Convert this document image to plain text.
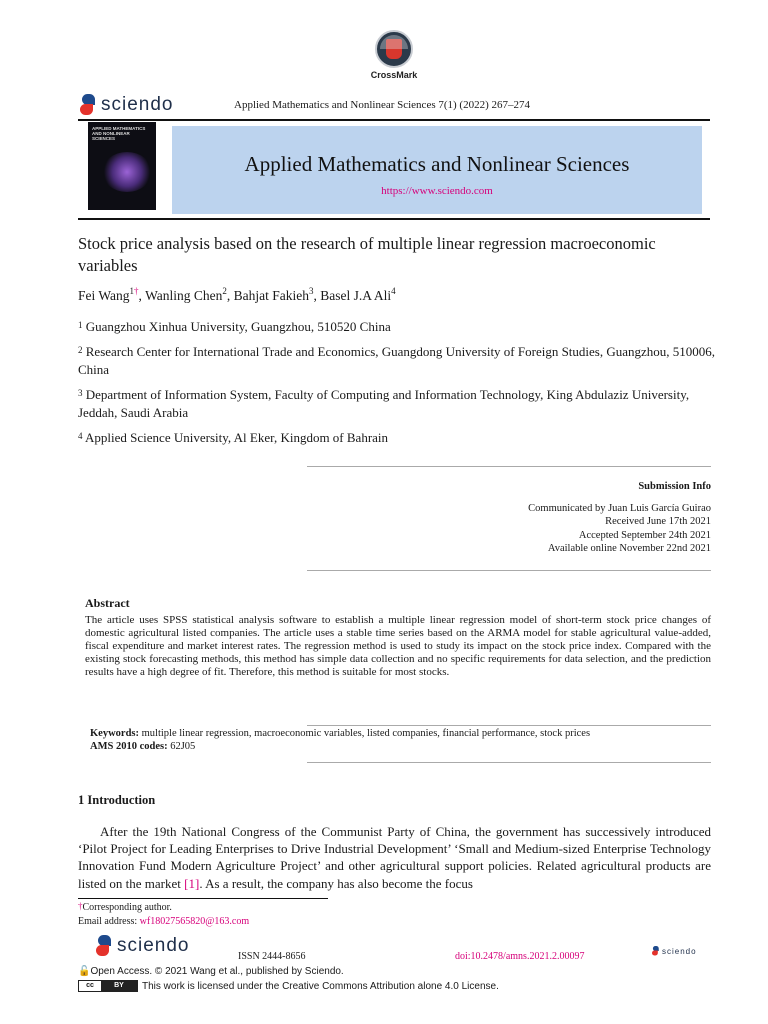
CrossMark
sciendo	Applied Mathematics and Nonlinear Sciences 7(1) (2022) 267–274
APPLIED MATHEMATICS AND NONLINEAR SCIENCES
Applied Mathematics and Nonlinear Sciences
https://www.sciendo.com
Stock price analysis based on the research of multiple linear regression macroeconomic variables
Fei Wang$^{1\dagger}$, Wanling Chen$^2$, Bahjat Fakieh$^3$, Basel J.A Ali$^4$
$^1$ Guangzhou Xinhua University, Guangzhou, 510520 China
$^2$ Research Center for International Trade and Economics, Guangdong University of Foreign Studies, Guangzhou, 510006, China
$^3$ Department of Information System, Faculty of Computing and Information Technology, King Abdulaziz University, Jeddah, Saudi Arabia
$^4$ Applied Science University, Al Eker, Kingdom of Bahrain
Submission Info
Communicated by Juan Luis García Guirao
Received June 17th 2021
Accepted September 24th 2021
Available online November 22nd 2021
Abstract
The article uses SPSS statistical analysis software to establish a multiple linear regression model of short-term stock price changes of domestic agricultural listed companies. The article uses a stable time series based on the ARMA model for stable agricultural value-added, fiscal expenditure and market interest rates. The regression method is used to study its impact on the stock price index. Compared with the existing stock forecasting methods, this method has simple data collection and no specific requirements for data selection, and the prediction results have a high degree of fit. Therefore, this method is suitable for most stocks.
Keywords: multiple linear regression, macroeconomic variables, listed companies, financial performance, stock prices
AMS 2010 codes: 62J05
1 Introduction
After the 19th National Congress of the Communist Party of China, the government has successively introduced ‘Pilot Project for Leading Enterprises to Drive Industrial Development’ ‘Small and Medium-sized Enterprise Technology Innovation Fund Modern Agriculture Project’ and other agricultural support policies. Related agricultural products are listed on the market [1]. As a result, the company has also become the focus
†Corresponding author.
Email address: wf18027565820@163.com
sciendo
ISSN 2444-8656	doi:10.2478/amns.2021.2.00097	sciendo
🔓Open Access. © 2021 Wang et al., published by Sciendo.
cc	BY	This work is licensed under the Creative Commons Attribution alone 4.0 License.
